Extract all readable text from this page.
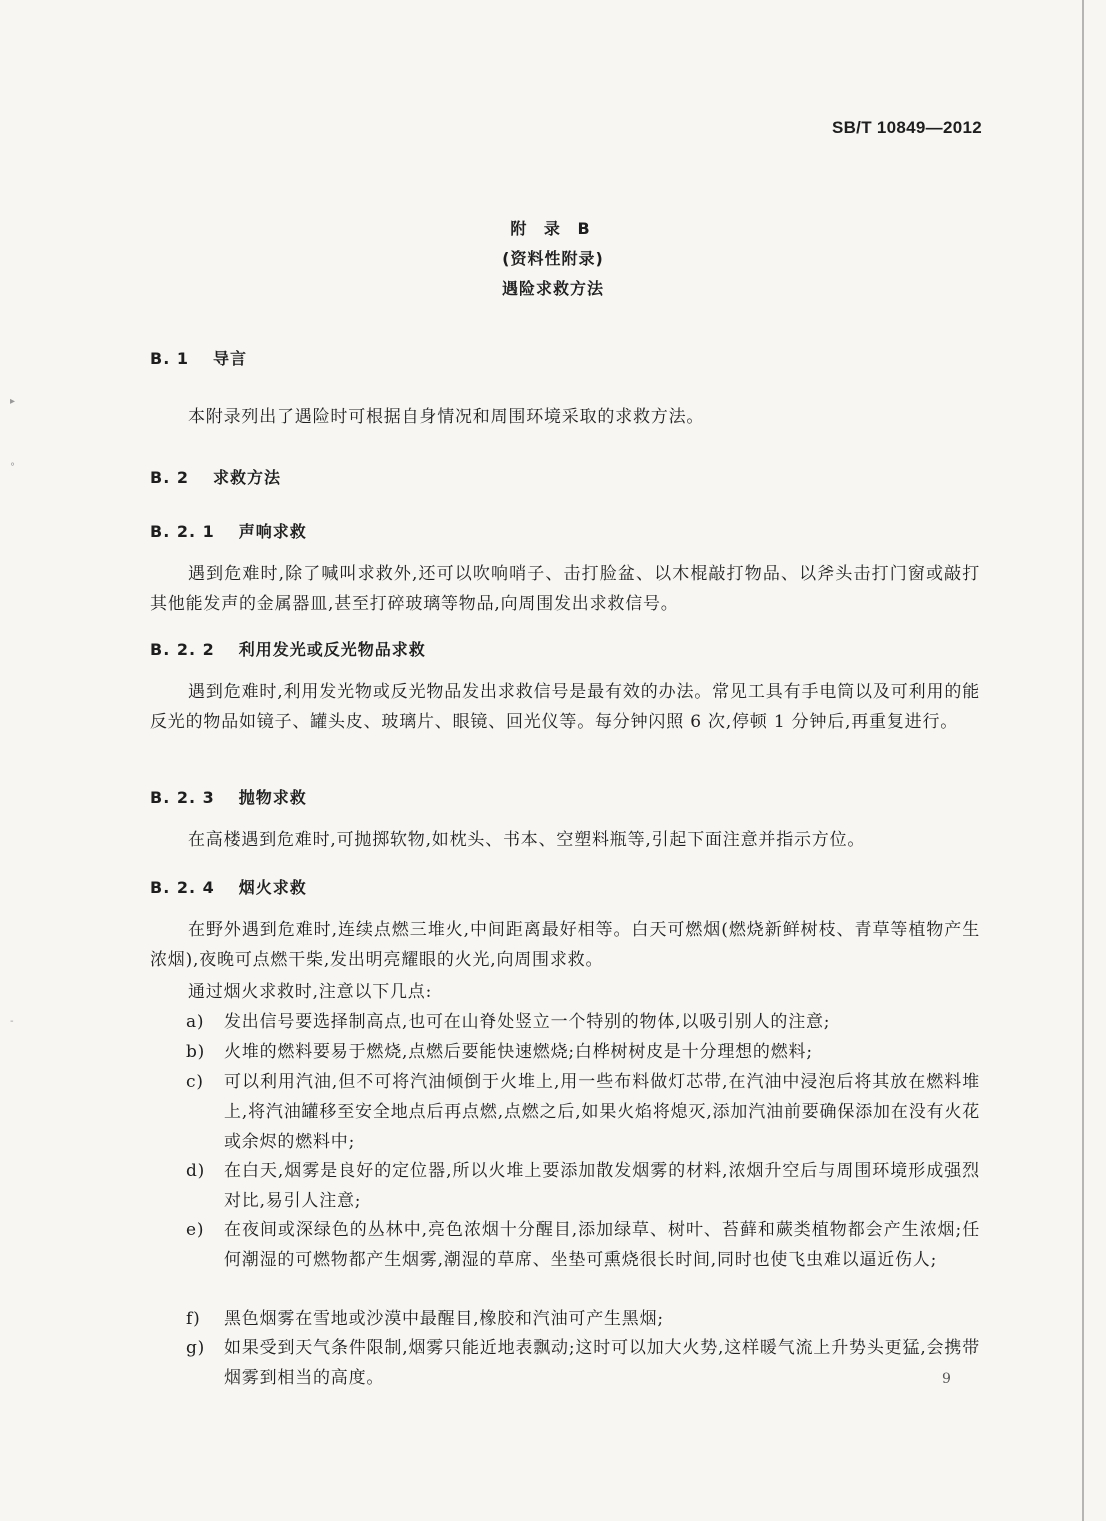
▸
°
-
SB/T 10849—2012
附 录 B
(资料性附录)
遇险求救方法
B. 1 导言
本附录列出了遇险时可根据自身情况和周围环境采取的求救方法。
B. 2 求救方法
B. 2. 1 声响求救
遇到危难时,除了喊叫求救外,还可以吹响哨子、击打脸盆、以木棍敲打物品、以斧头击打门窗或敲打其他能发声的金属器皿,甚至打碎玻璃等物品,向周围发出求救信号。
B. 2. 2 利用发光或反光物品求救
遇到危难时,利用发光物或反光物品发出求救信号是最有效的办法。常见工具有手电筒以及可利用的能反光的物品如镜子、罐头皮、玻璃片、眼镜、回光仪等。每分钟闪照 6 次,停顿 1 分钟后,再重复进行。
B. 2. 3 抛物求救
在高楼遇到危难时,可抛掷软物,如枕头、书本、空塑料瓶等,引起下面注意并指示方位。
B. 2. 4 烟火求救
在野外遇到危难时,连续点燃三堆火,中间距离最好相等。白天可燃烟(燃烧新鲜树枝、青草等植物产生浓烟),夜晚可点燃干柴,发出明亮耀眼的火光,向周围求救。
通过烟火求救时,注意以下几点:
a)	发出信号要选择制高点,也可在山脊处竖立一个特别的物体,以吸引别人的注意;
b)	火堆的燃料要易于燃烧,点燃后要能快速燃烧;白桦树树皮是十分理想的燃料;
c)	可以利用汽油,但不可将汽油倾倒于火堆上,用一些布料做灯芯带,在汽油中浸泡后将其放在燃料堆上,将汽油罐移至安全地点后再点燃,点燃之后,如果火焰将熄灭,添加汽油前要确保添加在没有火花或余烬的燃料中;
d)	在白天,烟雾是良好的定位器,所以火堆上要添加散发烟雾的材料,浓烟升空后与周围环境形成强烈对比,易引人注意;
e)	在夜间或深绿色的丛林中,亮色浓烟十分醒目,添加绿草、树叶、苔藓和蕨类植物都会产生浓烟;任何潮湿的可燃物都产生烟雾,潮湿的草席、坐垫可熏烧很长时间,同时也使飞虫难以逼近伤人;
f)	黑色烟雾在雪地或沙漠中最醒目,橡胶和汽油可产生黑烟;
g)	如果受到天气条件限制,烟雾只能近地表飘动;这时可以加大火势,这样暖气流上升势头更猛,会携带烟雾到相当的高度。	9
